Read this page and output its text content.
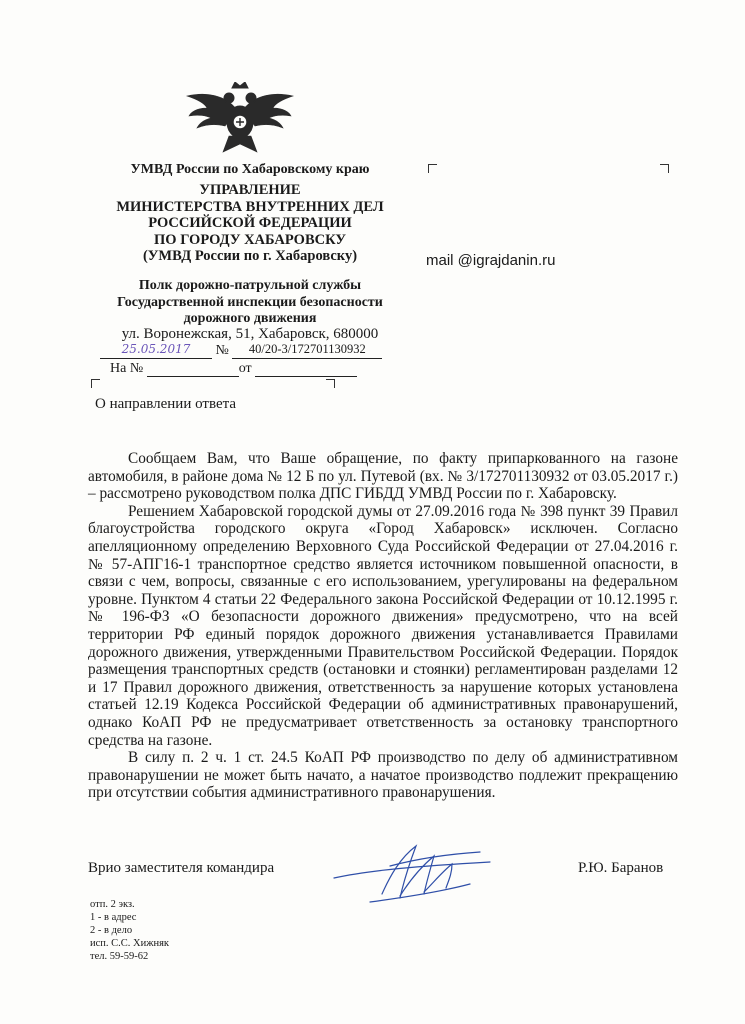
УМВД России по Хабаровскому краю
УПРАВЛЕНИЕ
МИНИСТЕРСТВА ВНУТРЕННИХ ДЕЛ
РОССИЙСКОЙ ФЕДЕРАЦИИ
ПО ГОРОДУ ХАБАРОВСКУ
(УМВД России по г. Хабаровску)
Полк дорожно-патрульной службы
Государственной инспекции безопасности
дорожного движения
ул. Воронежская, 51, Хабаровск, 680000
25.05.2017 № 40/20-3/172701130932
На №	от
mail @igrajdanin.ru
О направлении ответа

Сообщаем Вам, что Ваше обращение, по факту припаркованного на газоне автомобиля, в районе дома № 12 Б по ул. Путевой (вх. № 3/172701130932 от 03.05.2017 г.) – рассмотрено руководством полка ДПС ГИБДД УМВД России по г. Хабаровску.

Решением Хабаровской городской думы от 27.09.2016 года № 398 пункт 39 Правил благоустройства городского округа «Город Хабаровск» исключен. Согласно апелляционному определению Верховного Суда Российской Федерации от 27.04.2016 г. № 57-АПГ16-1 транспортное средство является источником повышенной опасности, в связи с чем, вопросы, связанные с его использованием, урегулированы на федеральном уровне. Пунктом 4 статьи 22 Федерального закона Российской Федерации от 10.12.1995 г. № 196-ФЗ «О безопасности дорожного движения» предусмотрено, что на всей территории РФ единый порядок дорожного движения устанавливается Правилами дорожного движения, утвержденными Правительством Российской Федерации. Порядок размещения транспортных средств (остановки и стоянки) регламентирован разделами 12 и 17 Правил дорожного движения, ответственность за нарушение которых установлена статьей 12.19 Кодекса Российской Федерации об административных правонарушений, однако КоАП РФ не предусматривает ответственность за остановку транспортного средства на газоне.

В силу п. 2 ч. 1 ст. 24.5 КоАП РФ производство по делу об административном правонарушении не может быть начато, а начатое производство подлежит прекращению при отсутствии события административного правонарушения.

Врио заместителя командира	Р.Ю. Баранов
отп. 2 экз.
1 - в адрес
2 - в дело
исп. С.С. Хижняк
тел. 59-59-62
